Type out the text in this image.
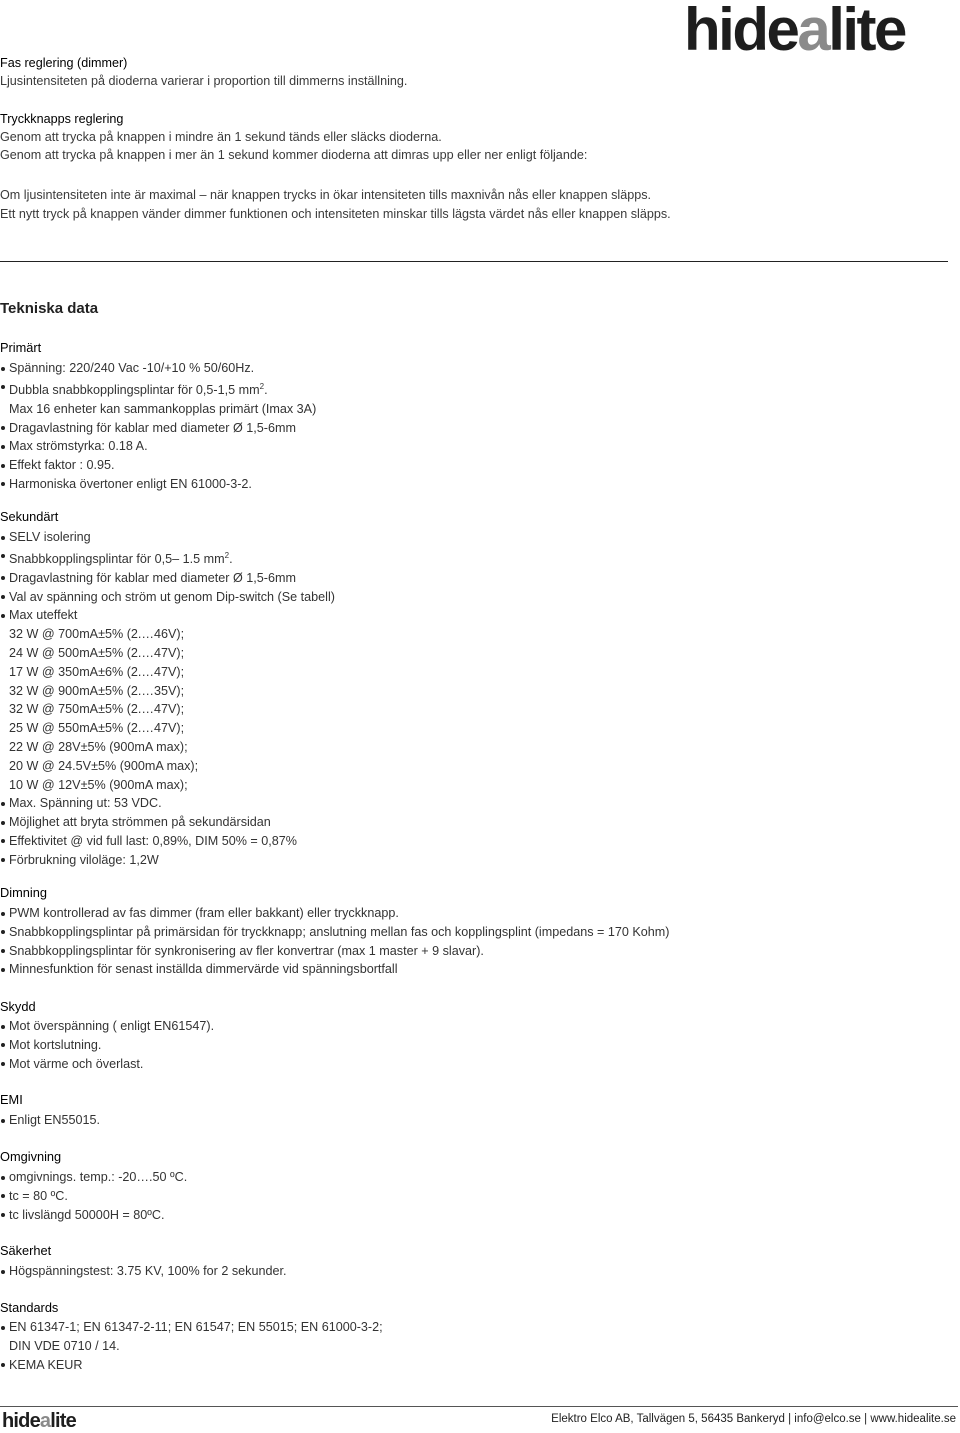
hidealite
Fas reglering (dimmer)
Ljusintensiteten på dioderna varierar i proportion till dimmerns inställning.
Tryckknapps reglering
Genom att trycka på knappen i mindre än 1 sekund tänds eller släcks dioderna.
Genom att trycka på knappen i mer än 1 sekund kommer dioderna att dimras upp eller ner enligt följande:
Om ljusintensiteten inte är maximal – när knappen trycks in ökar intensiteten tills maxnivån nås eller knappen släpps.
Ett nytt tryck på knappen vänder dimmer funktionen och intensiteten minskar tills lägsta värdet nås eller knappen släpps.
Tekniska data
Primärt
Spänning: 220/240 Vac -10/+10 % 50/60Hz.
Dubbla snabbkopplingsplintar för 0,5-1,5 $mm^2$.
Max 16 enheter kan sammankopplas primärt (Imax 3A)
Dragavlastning för kablar med diameter Ø 1,5-6mm
Max strömstyrka: 0.18 A.
Effekt faktor : 0.95.
Harmoniska övertoner enligt EN 61000-3-2.
Sekundärt
SELV isolering
Snabbkopplingsplintar för 0,5– 1.5 $mm^2$.
Dragavlastning för kablar med diameter Ø 1,5-6mm
Val av spänning och ström ut genom Dip-switch (Se tabell)
Max uteffekt
32 W @ 700mA±5% (2.…46V);
24 W @ 500mA±5% (2.…47V);
17 W @ 350mA±6% (2.…47V);
32 W @ 900mA±5% (2.…35V);
32 W @ 750mA±5% (2.…47V);
25 W @ 550mA±5% (2.…47V);
22 W @ 28V±5% (900mA max);
20 W @ 24.5V±5% (900mA max);
10 W @ 12V±5% (900mA max);
Max. Spänning ut: 53 VDC.
Möjlighet att bryta strömmen på sekundärsidan
Effektivitet @ vid full last: 0,89%, DIM 50% = 0,87%
Förbrukning viloläge: 1,2W
Dimning
PWM kontrollerad av fas dimmer (fram eller bakkant) eller tryckknapp.
Snabbkopplingsplintar på primärsidan för tryckknapp; anslutning mellan fas och kopplingsplint (impedans = 170 Kohm)
Snabbkopplingsplintar för synkronisering av fler konvertrar (max 1 master + 9 slavar).
Minnesfunktion för senast inställda dimmervärde vid spänningsbortfall
Skydd
Mot överspänning ( enligt EN61547).
Mot kortslutning.
Mot värme och överlast.
EMI
Enligt EN55015.
Omgivning
omgivnings. temp.: -20….50 ºC.
tc = 80 ºC.
tc livslängd 50000H = 80ºC.
Säkerhet
Högspänningstest: 3.75 KV, 100% for 2 sekunder.
Standards
EN 61347-1; EN 61347-2-11; EN 61547; EN 55015; EN 61000-3-2;
DIN VDE 0710 / 14.
KEMA KEUR
hidealite	Elektro Elco AB, Tallvägen 5, 56435 Bankeryd | info@elco.se | www.hidealite.se
